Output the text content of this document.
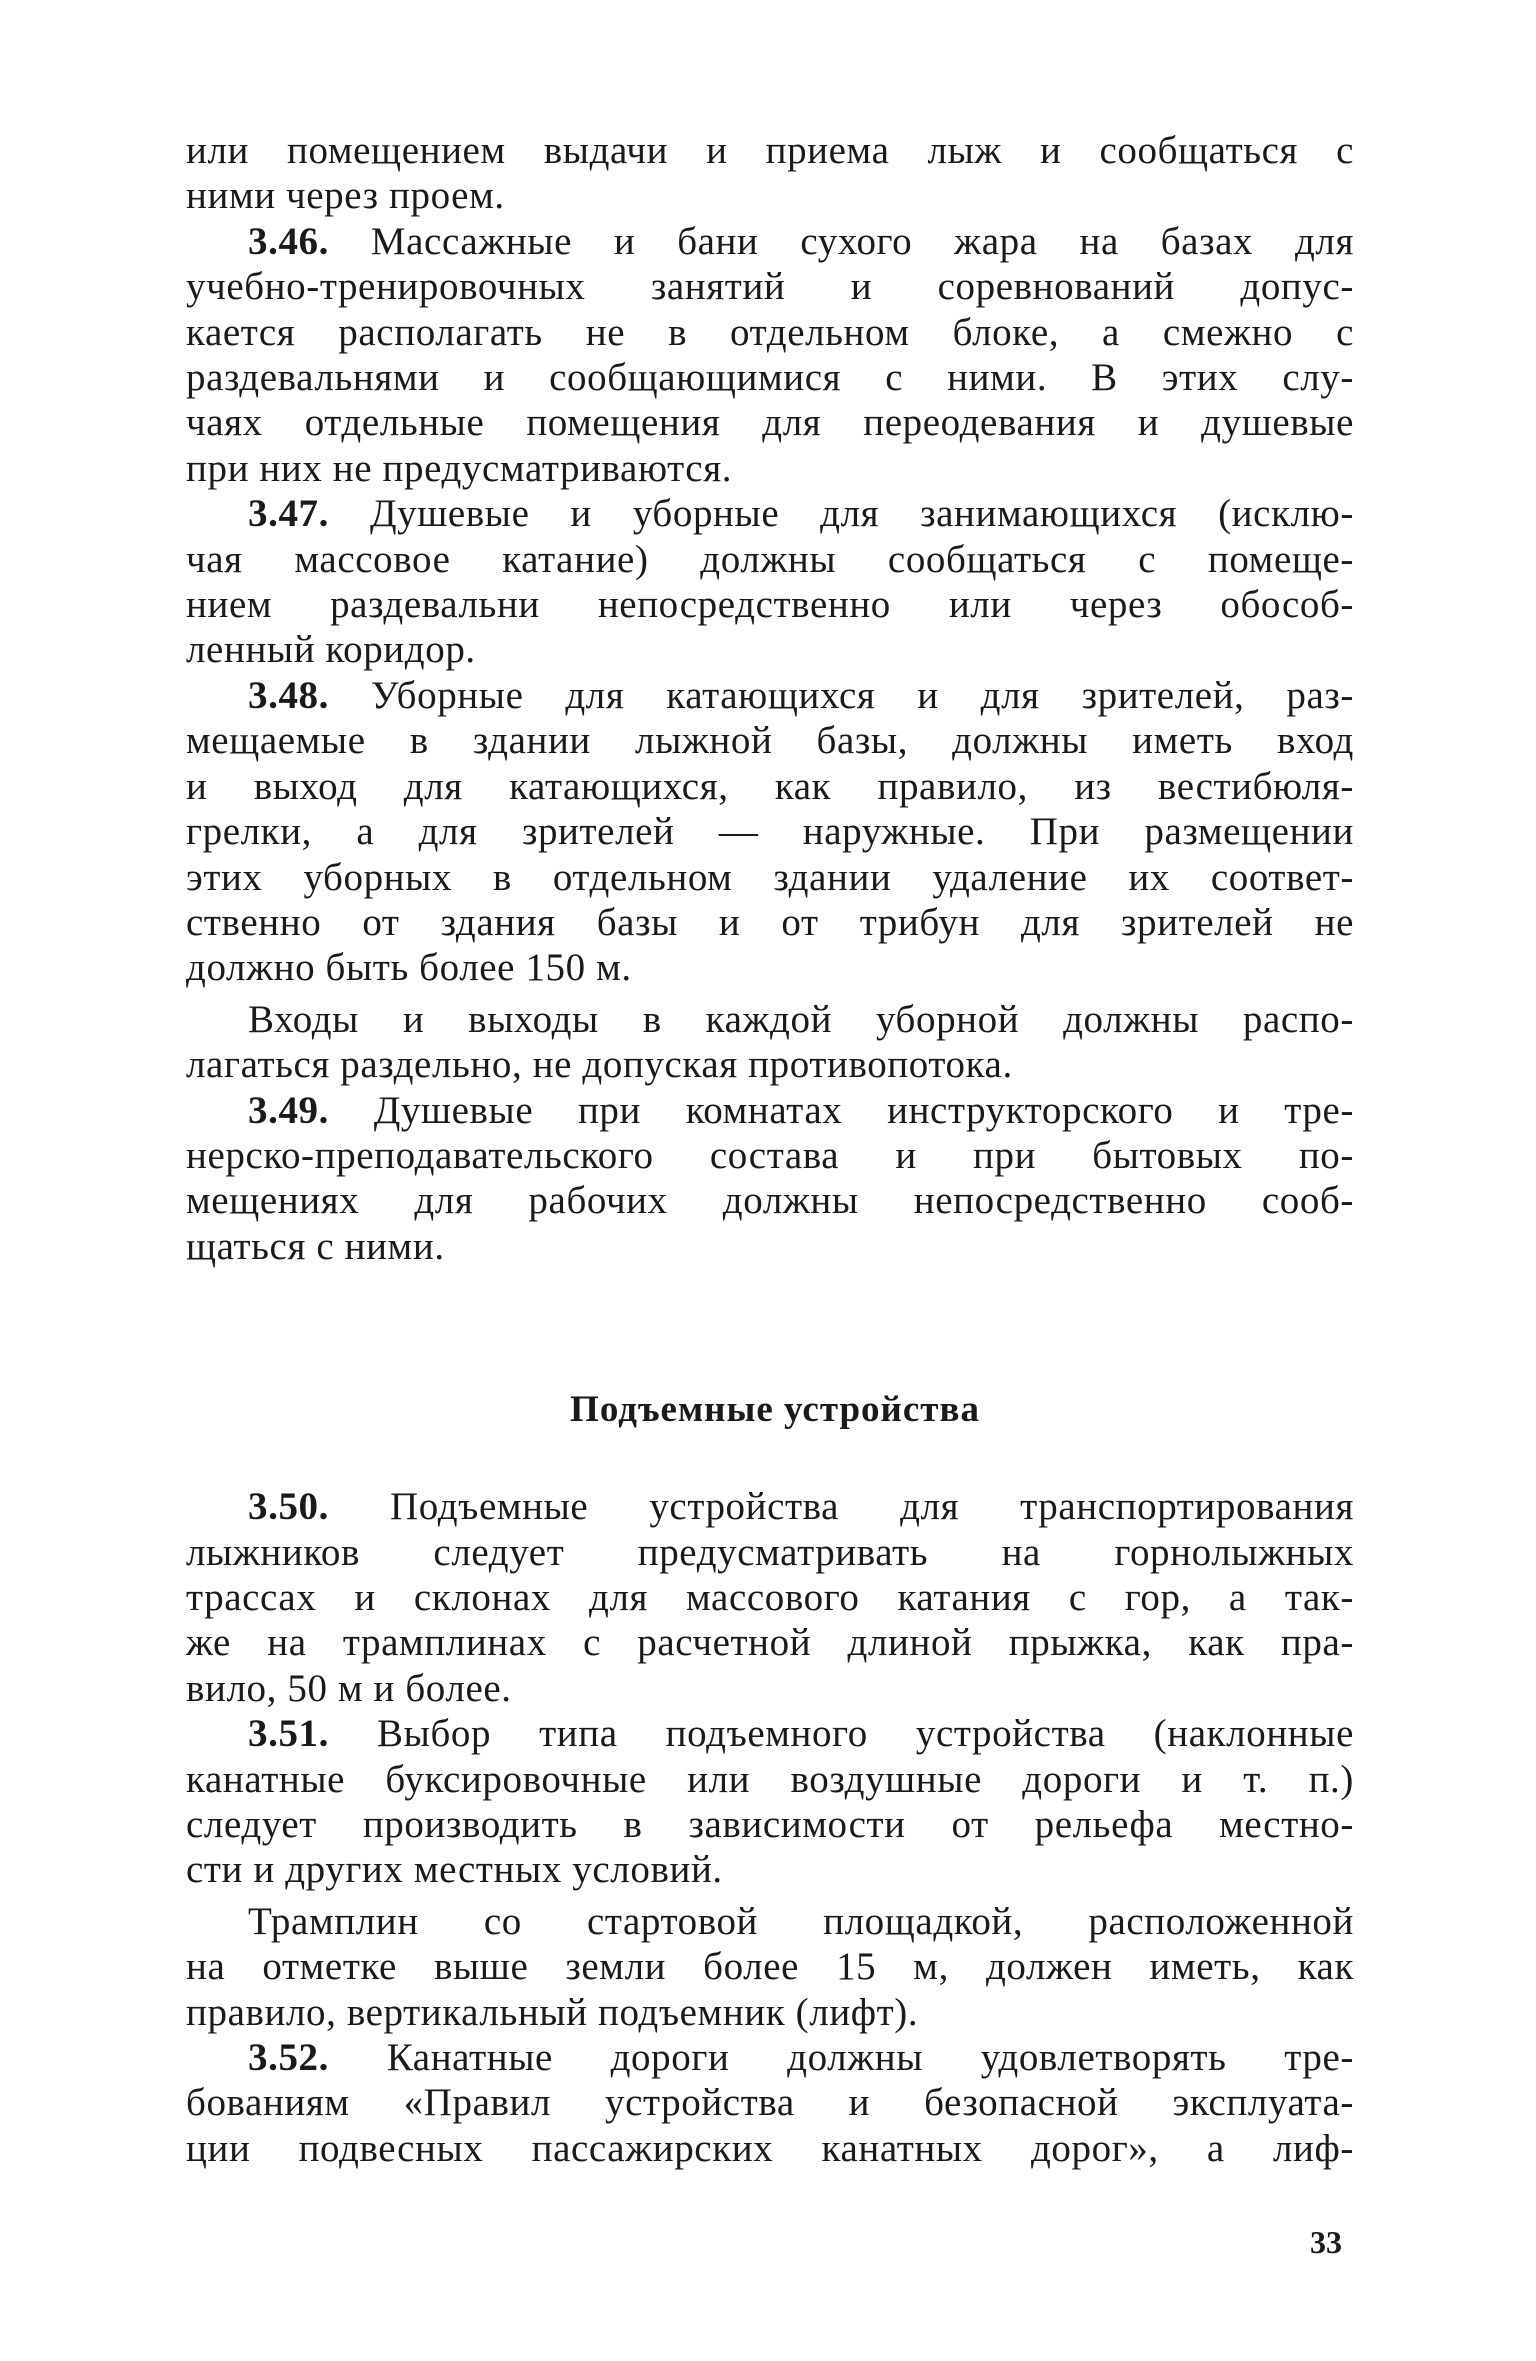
или помещением выдачи и приема лыж и сообщаться с
ними через проем.
3.46. Массажные и бани сухого жара на базах для
учебно-тренировочных занятий и соревнований допус-
кается располагать не в отдельном блоке, а смежно с
раздевальнями и сообщающимися с ними. В этих слу-
чаях отдельные помещения для переодевания и душевые
при них не предусматриваются.
3.47. Душевые и уборные для занимающихся (исклю-
чая массовое катание) должны сообщаться с помеще-
нием раздевальни непосредственно или через обособ-
ленный коридор.
3.48. Уборные для катающихся и для зрителей, раз-
мещаемые в здании лыжной базы, должны иметь вход
и выход для катающихся, как правило, из вестибюля-
грелки, а для зрителей — наружные. При размещении
этих уборных в отдельном здании удаление их соответ-
ственно от здания базы и от трибун для зрителей не
должно быть более 150 м.
Входы и выходы в каждой уборной должны распо-
лагаться раздельно, не допуская противопотока.
3.49. Душевые при комнатах инструкторского и тре-
нерско-преподавательского состава и при бытовых по-
мещениях для рабочих должны непосредственно сооб-
щаться с ними.
Подъемные устройства
3.50. Подъемные устройства для транспортирования
лыжников следует предусматривать на горнолыжных
трассах и склонах для массового катания с гор, а так-
же на трамплинах с расчетной длиной прыжка, как пра-
вило, 50 м и более.
3.51. Выбор типа подъемного устройства (наклонные
канатные буксировочные или воздушные дороги и т. п.)
следует производить в зависимости от рельефа местно-
сти и других местных условий.
Трамплин со стартовой площадкой, расположенной
на отметке выше земли более 15 м, должен иметь, как
правило, вертикальный подъемник (лифт).
3.52. Канатные дороги должны удовлетворять тре-
бованиям «Правил устройства и безопасной эксплуата-
ции подвесных пассажирских канатных дорог», а лиф-
33
